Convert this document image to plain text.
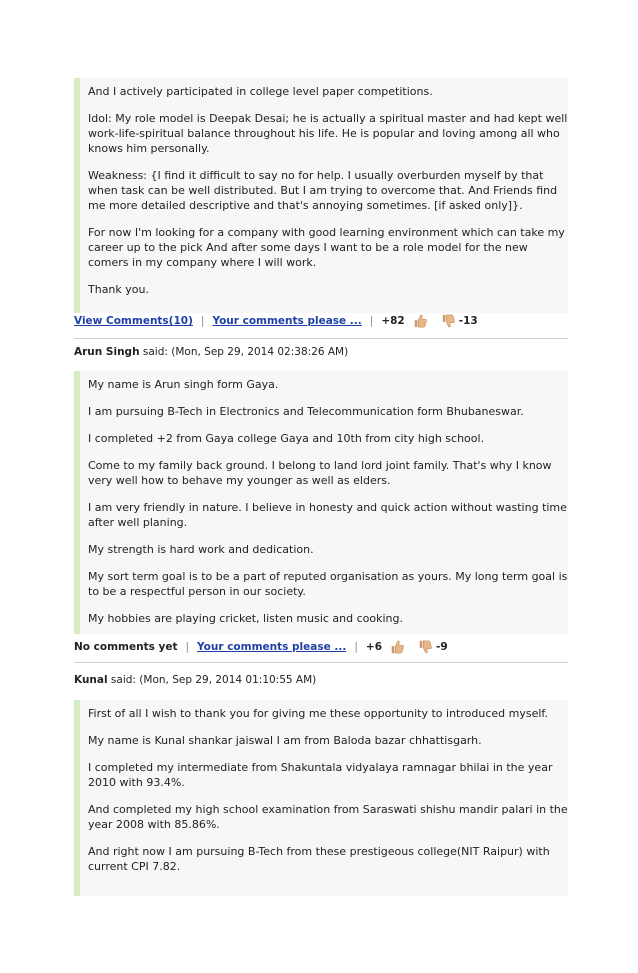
And I actively participated in college level paper competitions.

Idol: My role model is Deepak Desai; he is actually a spiritual master and had kept well work-life-spiritual balance throughout his life. He is popular and loving among all who knows him personally.

Weakness: {I find it difficult to say no for help. I usually overburden myself by that when task can be well distributed. But I am trying to overcome that. And Friends find me more detailed descriptive and that's annoying sometimes. [if asked only]}.

For now I'm looking for a company with good learning environment which can take my career up to the pick And after some days I want to be a role model for the new comers in my company where I will work.

Thank you.

View Comments(10) | Your comments please ... | +82	-13
Arun Singh said: (Mon, Sep 29, 2014 02:38:26 AM)

My name is Arun singh form Gaya.

I am pursuing B-Tech in Electronics and Telecommunication form Bhubaneswar.

I completed +2 from Gaya college Gaya and 10th from city high school.

Come to my family back ground. I belong to land lord joint family. That's why I know very well how to behave my younger as well as elders.

I am very friendly in nature. I believe in honesty and quick action without wasting time after well planing.

My strength is hard work and dedication.

My sort term goal is to be a part of reputed organisation as yours. My long term goal is to be a respectful person in our society.

My hobbies are playing cricket, listen music and cooking.

No comments yet | Your comments please ... | +6	-9
Kunal said: (Mon, Sep 29, 2014 01:10:55 AM)

First of all I wish to thank you for giving me these opportunity to introduced myself.

My name is Kunal shankar jaiswal I am from Baloda bazar chhattisgarh.

I completed my intermediate from Shakuntala vidyalaya ramnagar bhilai in the year 2010 with 93.4%.

And completed my high school examination from Saraswati shishu mandir palari in the year 2008 with 85.86%.

And right now I am pursuing B-Tech from these prestigeous college(NIT Raipur) with current CPI 7.82.
